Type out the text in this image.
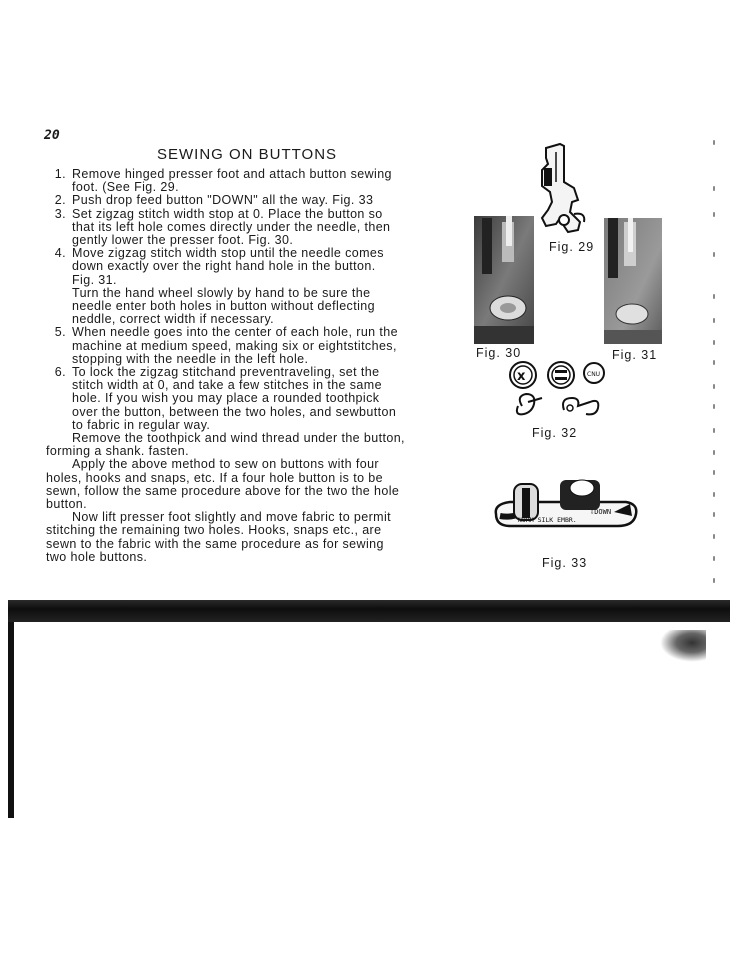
20
SEWING ON BUTTONS
1. Remove hinged presser foot and attach button sewing
foot. (See Fig. 29.
2. Push drop feed button "DOWN" all the way. Fig. 33
3. Set zigzag stitch width stop at 0. Place the button so
that its left hole comes directly under the needle, then
gently lower the presser foot. Fig. 30.
4. Move zigzag stitch width stop until the needle comes
down exactly over the right hand hole in the button.
Fig. 31.
Turn the hand wheel slowly by hand to be sure the
needle enter both holes in button without deflecting
neddle, correct width if necessary.
5. When needle goes into the center of each hole, run the
machine at medium speed, making six or eightstitches,
stopping with the needle in the left hole.
6. To lock the zigzag stitchand preventraveling, set the
stitch width at 0, and take a few stitches in the same
hole. If you wish you may place a rounded toothpick
over the button, between the two holes, and sewbutton
to fabric in regular way.
Remove the toothpick and wind thread under the button,
forming a shank. fasten.
Apply the above method to sew on buttons with four
holes, hooks and snaps, etc. If a four hole button is to be
sewn, follow the same procedure above for the two the hole
button.
Now lift presser foot slightly and move fabric to permit
stitching the remaining two holes. Hooks, snaps etc., are
sewn to the fabric with the same procedure as for sewing
two hole buttons.
Fig. 29
Fig. 30	Fig. 31
x	CNU
Fig. 32
⇩DOWN
NORM SILK EMBR.
Fig. 33
